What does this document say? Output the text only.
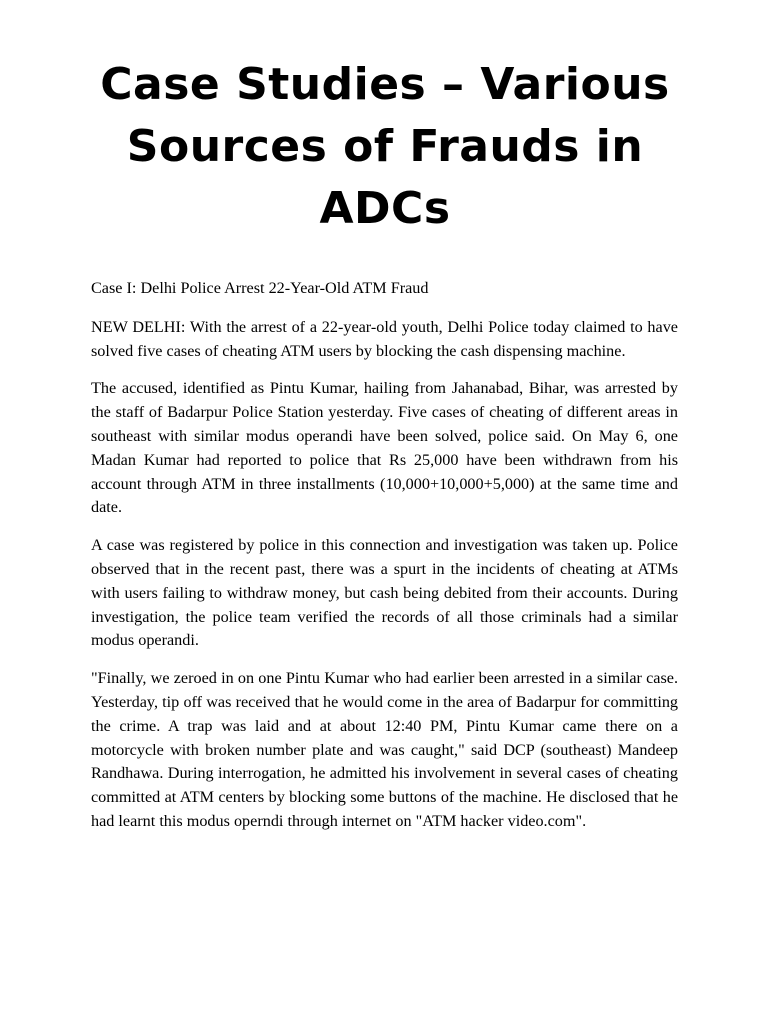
Case Studies – Various Sources of Frauds in ADCs

Case I: Delhi Police Arrest 22-Year-Old ATM Fraud

NEW DELHI: With the arrest of a 22-year-old youth, Delhi Police today claimed to have solved five cases of cheating ATM users by blocking the cash dispensing machine.

The accused, identified as Pintu Kumar, hailing from Jahanabad, Bihar, was arrested by the staff of Badarpur Police Station yesterday. Five cases of cheating of different areas in southeast with similar modus operandi have been solved, police said. On May 6, one Madan Kumar had reported to police that Rs 25,000 have been withdrawn from his account through ATM in three installments (10,000+10,000+5,000) at the same time and date.

A case was registered by police in this connection and investigation was taken up. Police observed that in the recent past, there was a spurt in the incidents of cheating at ATMs with users failing to withdraw money, but cash being debited from their accounts. During investigation, the police team verified the records of all those criminals had a similar modus operandi.

"Finally, we zeroed in on one Pintu Kumar who had earlier been arrested in a similar case. Yesterday, tip off was received that he would come in the area of Badarpur for committing the crime. A trap was laid and at about 12:40 PM, Pintu Kumar came there on a motorcycle with broken number plate and was caught," said DCP (southeast) Mandeep Randhawa. During interrogation, he admitted his involvement in several cases of cheating committed at ATM centers by blocking some buttons of the machine. He disclosed that he had learnt this modus operndi through internet on "ATM hacker video.com".
